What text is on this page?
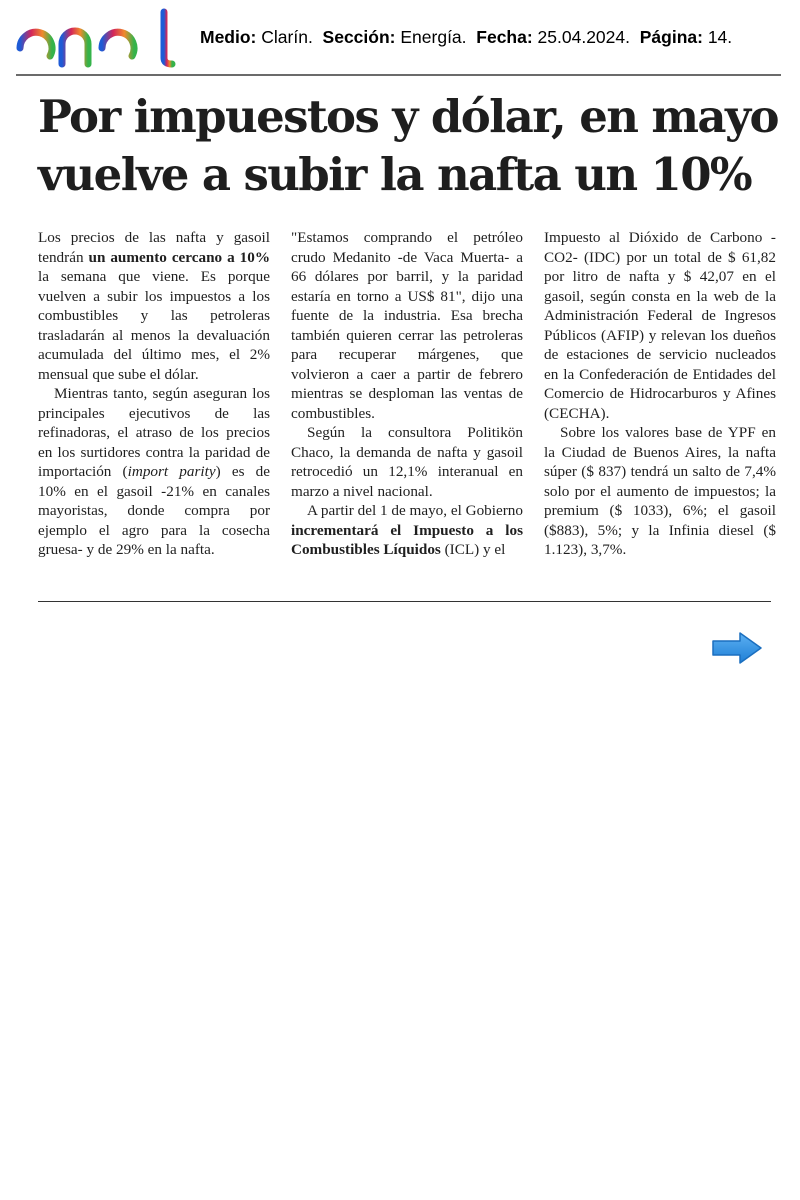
Medio: Clarín. Sección: Energía. Fecha: 25.04.2024. Página: 14.
Por impuestos y dólar, en mayo
vuelve a subir la nafta un 10%

Los precios de las nafta y gasoil tendrán un aumento cercano a 10% la semana que viene. Es porque vuelven a subir los impuestos a los combustibles y las petroleras trasladarán al menos la devaluación acumulada del último mes, el 2% mensual que sube el dólar.

Mientras tanto, según aseguran los principales ejecutivos de las refinadoras, el atraso de los precios en los surtidores contra la paridad de importación (import parity) es de 10% en el gasoil -21% en canales mayoristas, donde compra por ejemplo el agro para la cosecha gruesa- y de 29% en la nafta.

"Estamos comprando el petróleo crudo Medanito -de Vaca Muerta- a 66 dólares por barril, y la paridad estaría en torno a US$ 81", dijo una fuente de la industria. Esa brecha también quieren cerrar las petroleras para recuperar márgenes, que volvieron a caer a partir de febrero mientras se desploman las ventas de combustibles.

Según la consultora Politikön Chaco, la demanda de nafta y gasoil retrocedió un 12,1% interanual en marzo a nivel nacional.

A partir del 1 de mayo, el Gobierno incrementará el Impuesto a los Combustibles Líquidos (ICL) y el

Impuesto al Dióxido de Carbono - CO2- (IDC) por un total de $ 61,82 por litro de nafta y $ 42,07 en el gasoil, según consta en la web de la Administración Federal de Ingresos Públicos (AFIP) y relevan los dueños de estaciones de servicio nucleados en la Confederación de Entidades del Comercio de Hidrocarburos y Afines (CECHA).

Sobre los valores base de YPF en la Ciudad de Buenos Aires, la nafta súper ($ 837) tendrá un salto de 7,4% solo por el aumento de impuestos; la premium ($ 1033), 6%; el gasoil ($883), 5%; y la Infinia diesel ($ 1.123), 3,7%.
